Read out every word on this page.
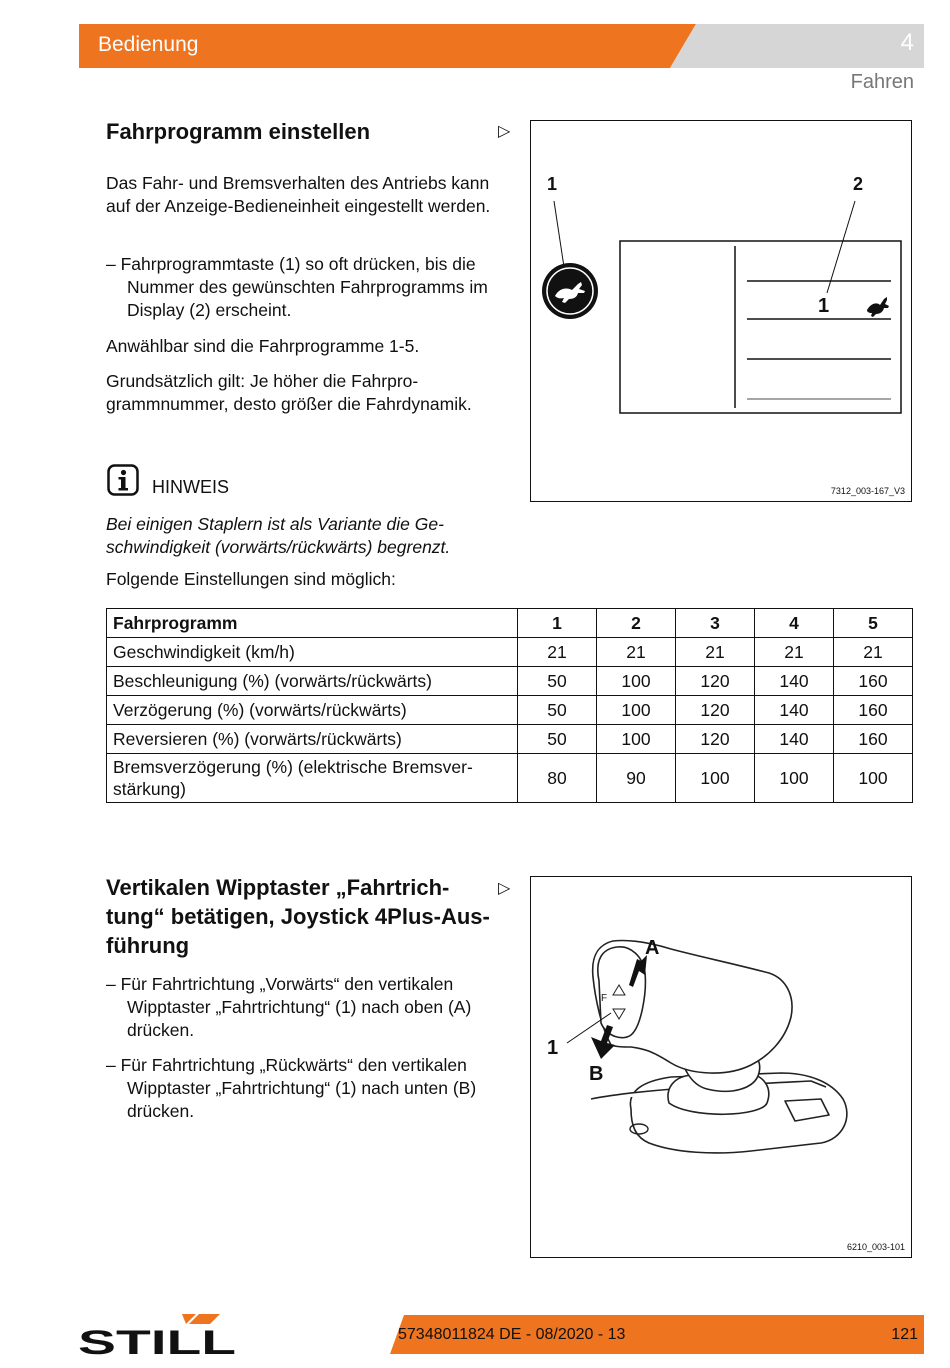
Bedienung	4
Fahren
Fahrprogramm einstellen	▷

Das Fahr- und Bremsverhalten des Antriebs kann auf der Anzeige-Bedieneinheit eingestellt werden.

– Fahrprogrammtaste (1) so oft drücken, bis die Nummer des gewünschten Fahrprogramms im Display (2) erscheint.

Anwählbar sind die Fahrprogramme 1-5.

Grundsätzlich gilt: Je höher die Fahrprogrammnummer, desto größer die Fahrdynamik.

HINWEIS

Bei einigen Staplern ist als Variante die Geschwindigkeit (vorwärts/rückwärts) begrenzt.

Folgende Einstellungen sind möglich:

1	2
1
7312_003-167_V3
Fahrprogramm	1	2	3	4	5
Geschwindigkeit (km/h)	21	21	21	21	21
Beschleunigung (%) (vorwärts/rückwärts)	50	100	120	140	160
Verzögerung (%) (vorwärts/rückwärts)	50	100	120	140	160
Reversieren (%) (vorwärts/rückwärts)	50	100	120	140	160
Bremsverzögerung (%) (elektrische Bremsverstärkung)	80	90	100	100	100
Vertikalen Wipptaster „Fahrtrichtung“ betätigen, Joystick 4Plus-Ausführung
▷

– Für Fahrtrichtung „Vorwärts“ den vertikalen Wipptaster „Fahrtrichtung“ (1) nach oben (A) drücken.

– Für Fahrtrichtung „Rückwärts“ den vertikalen Wipptaster „Fahrtrichtung“ (1) nach unten (B) drücken.

F
A
B
1
6210_003-101
STILL	57348011824 DE - 08/2020 - 13	121
